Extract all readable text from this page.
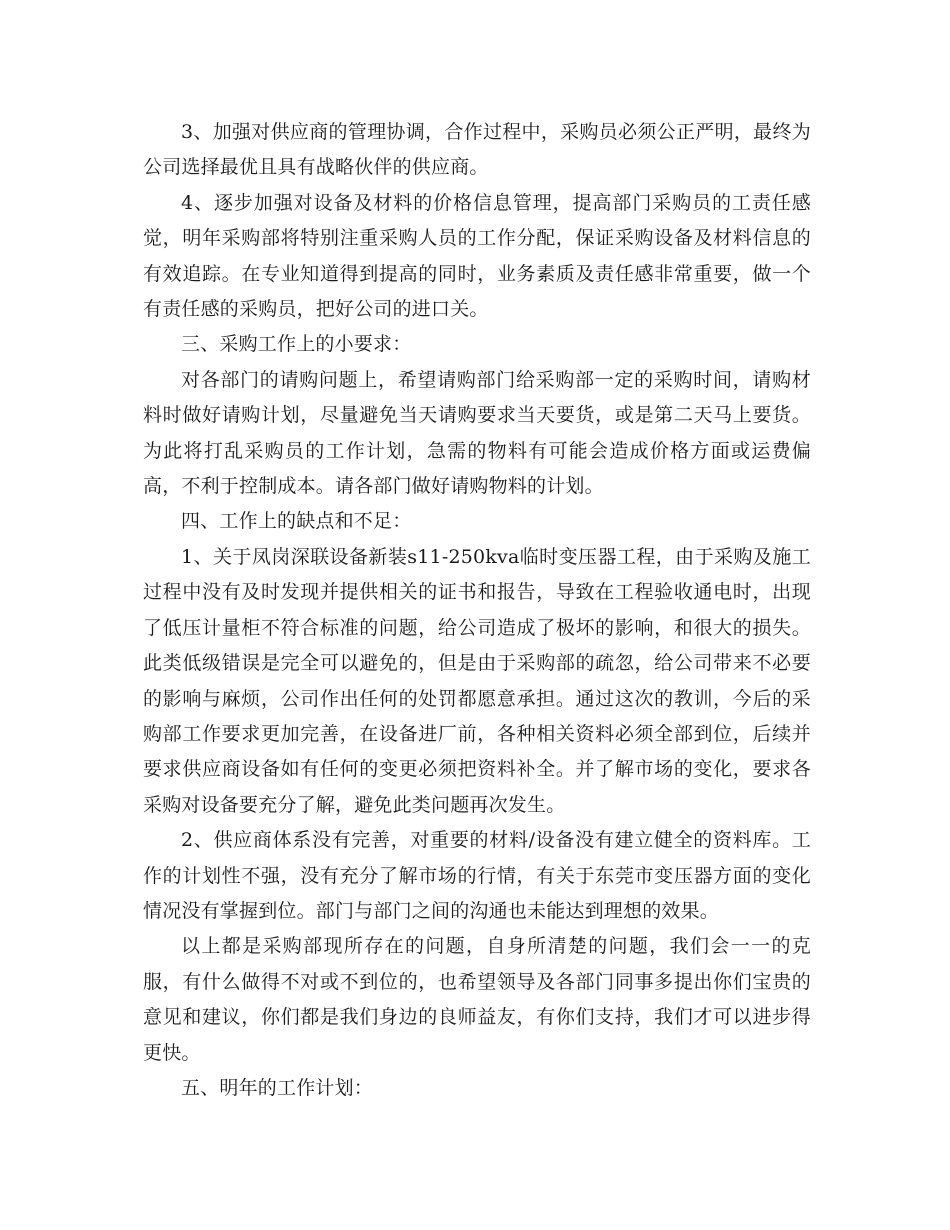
3、加强对供应商的管理协调，合作过程中，采购员必须公正严明，最终为公司选择最优且具有战略伙伴的供应商。

4、逐步加强对设备及材料的价格信息管理，提高部门采购员的工责任感觉，明年采购部将特别注重采购人员的工作分配，保证采购设备及材料信息的有效追踪。在专业知道得到提高的同时，业务素质及责任感非常重要，做一个有责任感的采购员，把好公司的进口关。

三、采购工作上的小要求：

对各部门的请购问题上，希望请购部门给采购部一定的采购时间，请购材料时做好请购计划，尽量避免当天请购要求当天要货，或是第二天马上要货。为此将打乱采购员的工作计划，急需的物料有可能会造成价格方面或运费偏高，不利于控制成本。请各部门做好请购物料的计划。

四、工作上的缺点和不足：

1、关于凤岗深联设备新装s11-250kva临时变压器工程，由于采购及施工过程中没有及时发现并提供相关的证书和报告，导致在工程验收通电时，出现了低压计量柜不符合标准的问题，给公司造成了极坏的影响，和很大的损失。此类低级错误是完全可以避免的，但是由于采购部的疏忽，给公司带来不必要的影响与麻烦，公司作出任何的处罚都愿意承担。通过这次的教训，今后的采购部工作要求更加完善，在设备进厂前，各种相关资料必须全部到位，后续并要求供应商设备如有任何的变更必须把资料补全。并了解市场的变化，要求各采购对设备要充分了解，避免此类问题再次发生。

2、供应商体系没有完善，对重要的材料/设备没有建立健全的资料库。工作的计划性不强，没有充分了解市场的行情，有关于东莞市变压器方面的变化情况没有掌握到位。部门与部门之间的沟通也未能达到理想的效果。

以上都是采购部现所存在的问题，自身所清楚的问题，我们会一一的克服，有什么做得不对或不到位的，也希望领导及各部门同事多提出你们宝贵的意见和建议，你们都是我们身边的良师益友，有你们支持，我们才可以进步得更快。

五、明年的工作计划：
